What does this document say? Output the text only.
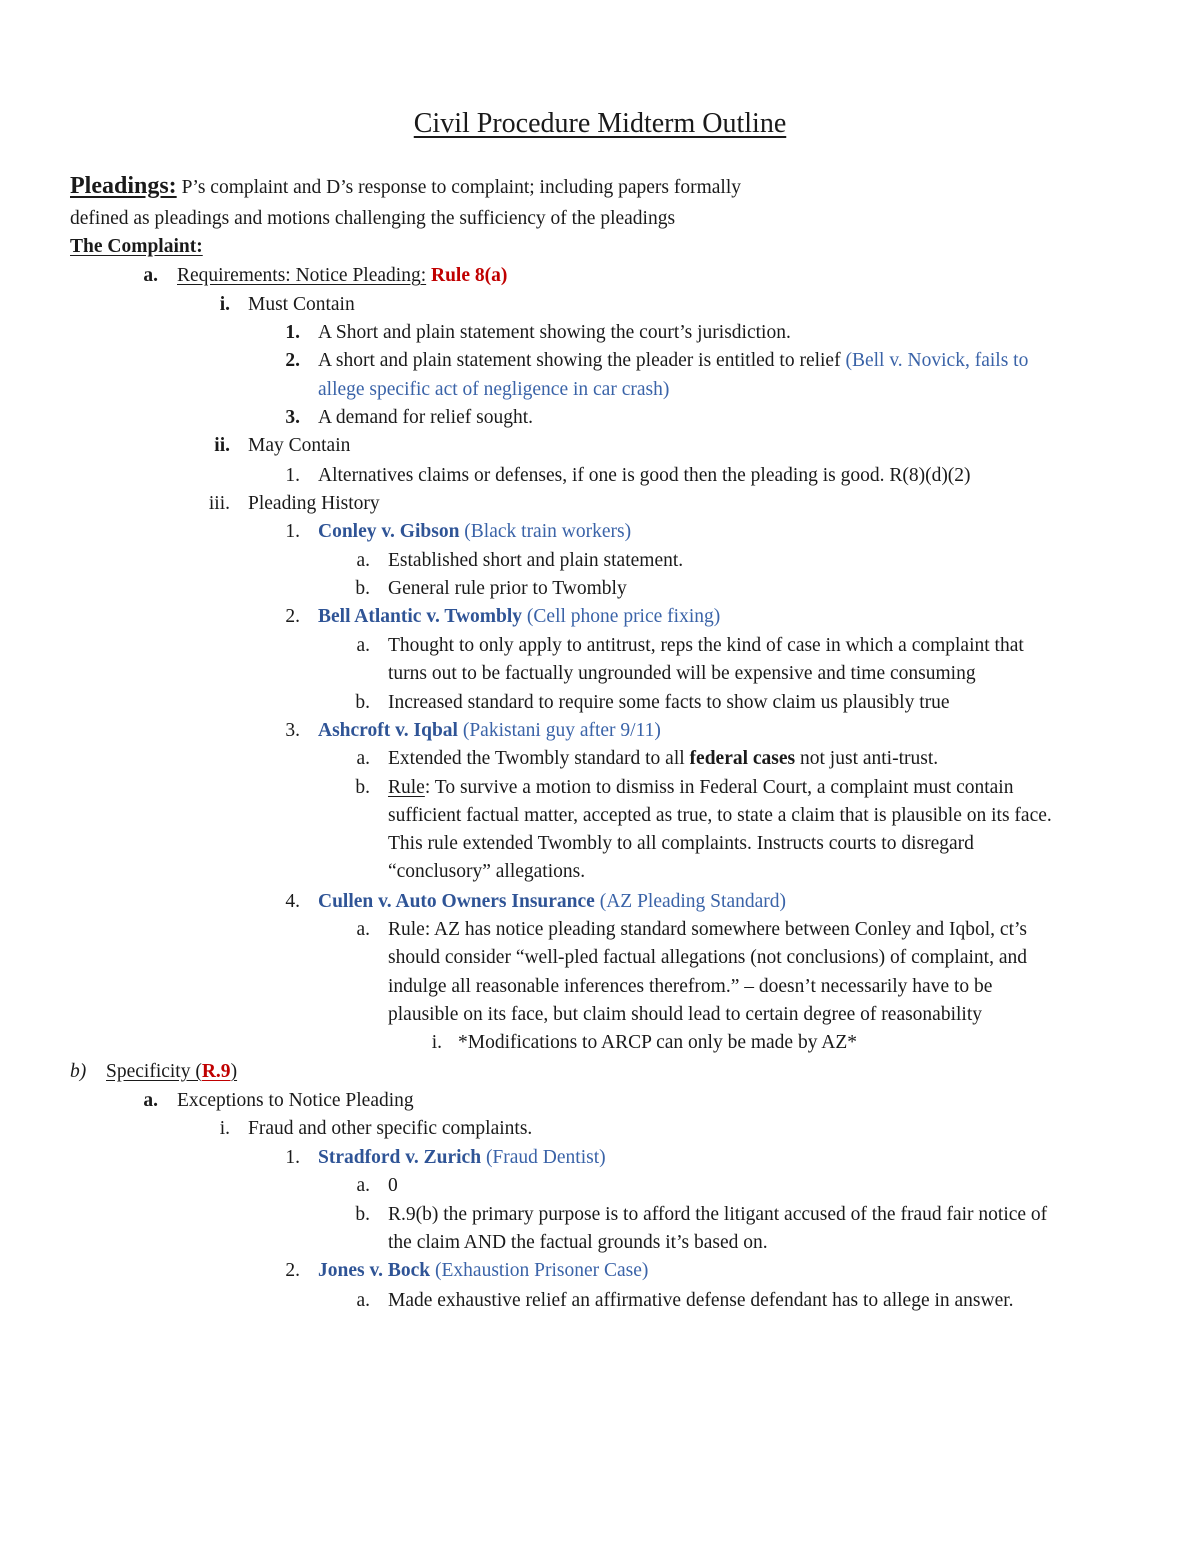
Civil Procedure Midterm Outline
Pleadings: P’s complaint and D’s response to complaint; including papers formally
defined as pleadings and motions challenging the sufficiency of the pleadings
The Complaint:
a. Requirements: Notice Pleading: Rule 8(a)
i. Must Contain
1. A Short and plain statement showing the court’s jurisdiction.
2. A short and plain statement showing the pleader is entitled to relief (Bell v. Novick, fails to
allege specific act of negligence in car crash)
3. A demand for relief sought.
ii. May Contain
1. Alternatives claims or defenses, if one is good then the pleading is good. R(8)(d)(2)
iii. Pleading History
1. Conley v. Gibson (Black train workers)
a. Established short and plain statement.
b. General rule prior to Twombly
2. Bell Atlantic v. Twombly (Cell phone price fixing)
a. Thought to only apply to antitrust, reps the kind of case in which a complaint that
turns out to be factually ungrounded will be expensive and time consuming
b. Increased standard to require some facts to show claim us plausibly true
3. Ashcroft v. Iqbal (Pakistani guy after 9/11)
a. Extended the Twombly standard to all federal cases not just anti-trust.
b. Rule: To survive a motion to dismiss in Federal Court, a complaint must contain
sufficient factual matter, accepted as true, to state a claim that is plausible on its face.
This rule extended Twombly to all complaints. Instructs courts to disregard
“conclusory” allegations.
4. Cullen v. Auto Owners Insurance (AZ Pleading Standard)
a. Rule: AZ has notice pleading standard somewhere between Conley and Iqbol, ct’s
should consider “well-pled factual allegations (not conclusions) of complaint, and
indulge all reasonable inferences therefrom.” – doesn’t necessarily have to be
plausible on its face, but claim should lead to certain degree of reasonability
i. *Modifications to ARCP can only be made by AZ*
b) Specificity (R.9)
a. Exceptions to Notice Pleading
i. Fraud and other specific complaints.
1. Stradford v. Zurich (Fraud Dentist)
a. 0
b. R.9(b) the primary purpose is to afford the litigant accused of the fraud fair notice of
the claim AND the factual grounds it’s based on.
2. Jones v. Bock (Exhaustion Prisoner Case)
a. Made exhaustive relief an affirmative defense defendant has to allege in answer.
